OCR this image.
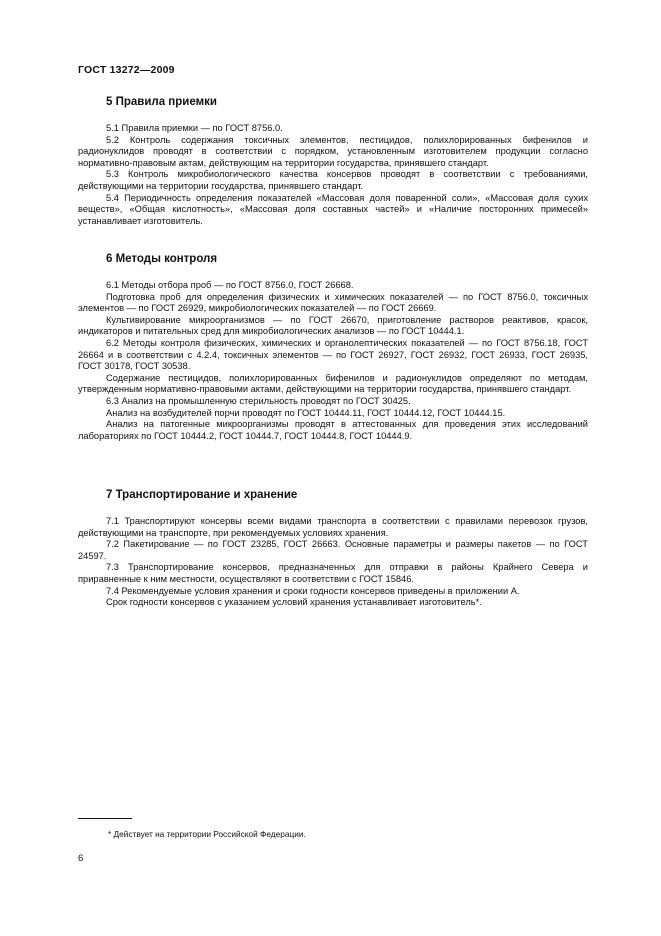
ГОСТ 13272—2009
5 Правила приемки

5.1 Правила приемки — по ГОСТ 8756.0.

5.2 Контроль содержания токсичных элементов, пестицидов, полихлорированных бифенилов и радионуклидов проводят в соответствии с порядком, установленным изготовителем продукции согласно нормативно-правовым актам, действующим на территории государства, принявшего стандарт.

5.3 Контроль микробиологического качества консервов проводят в соответствии с требованиями, действующими на территории государства, принявшего стандарт.

5.4 Периодичность определения показателей «Массовая доля поваренной соли», «Массовая доля сухих веществ», «Общая кислотность», «Массовая доля составных частей» и «Наличие посторонних примесей» устанавливает изготовитель.

6 Методы контроля

6.1 Методы отбора проб — по ГОСТ 8756.0, ГОСТ 26668.

Подготовка проб для определения физических и химических показателей — по ГОСТ 8756.0, токсичных элементов — по ГОСТ 26929, микробиологических показателей — по ГОСТ 26669.

Культивирование микроорганизмов — по ГОСТ 26670, приготовление растворов реактивов, красок, индикаторов и питательных сред для микробиологических анализов — по ГОСТ 10444.1.

6.2 Методы контроля физических, химических и органолептических показателей — по ГОСТ 8756.18, ГОСТ 26664 и в соответствии с 4.2.4, токсичных элементов — по ГОСТ 26927, ГОСТ 26932, ГОСТ 26933, ГОСТ 26935, ГОСТ 30178, ГОСТ 30538.

Содержание пестицидов, полихлорированных бифенилов и радионуклидов определяют по методам, утвержденным нормативно-правовыми актами, действующими на территории государства, принявшего стандарт.

6.3 Анализ на промышленную стерильность проводят по ГОСТ 30425.

Анализ на возбудителей порчи проводят по ГОСТ 10444.11, ГОСТ 10444.12, ГОСТ 10444.15.

Анализ на патогенные микроорганизмы проводят в аттестованных для проведения этих исследований лабораториях по ГОСТ 10444.2, ГОСТ 10444.7, ГОСТ 10444.8, ГОСТ 10444.9.

7 Транспортирование и хранение

7.1 Транспортируют консервы всеми видами транспорта в соответствии с правилами перевозок грузов, действующими на транспорте, при рекомендуемых условиях хранения.

7.2 Пакетирование — по ГОСТ 23285, ГОСТ 26663. Основные параметры и размеры пакетов — по ГОСТ 24597.

7.3 Транспортирование консервов, предназначенных для отправки в районы Крайнего Севера и приравненные к ним местности, осуществляют в соответствии с ГОСТ 15846.

7.4 Рекомендуемые условия хранения и сроки годности консервов приведены в приложении А.

Срок годности консервов с указанием условий хранения устанавливает изготовитель*.

* Действует на территории Российской Федерации.
6
